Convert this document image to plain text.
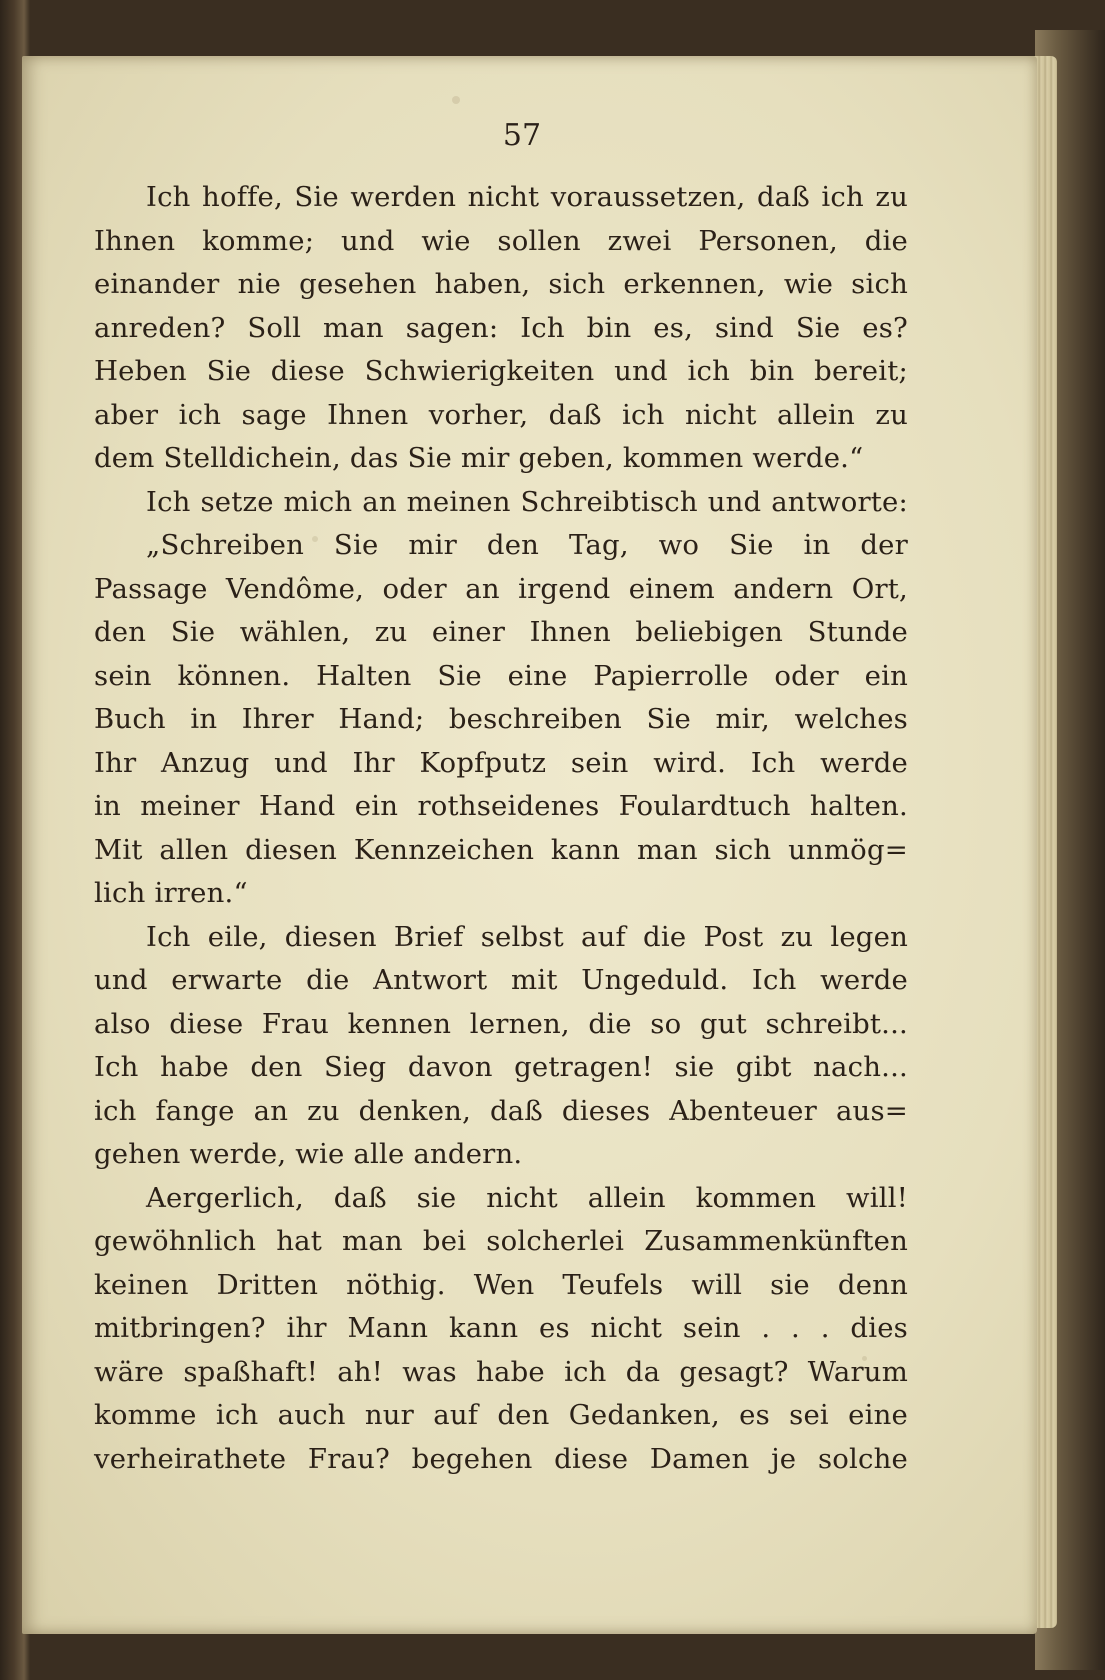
57
Ich hoffe, Sie werden nicht voraussetzen, daß ich zu
Ihnen komme; und wie sollen zwei Personen, die
einander nie gesehen haben, sich erkennen, wie sich
anreden? Soll man sagen: Ich bin es, sind Sie es?
Heben Sie diese Schwierigkeiten und ich bin bereit;
aber ich sage Ihnen vorher, daß ich nicht allein zu
dem Stelldichein, das Sie mir geben, kommen werde.“
Ich setze mich an meinen Schreibtisch und antworte:
„Schreiben Sie mir den Tag, wo Sie in der
Passage Vendôme, oder an irgend einem andern Ort,
den Sie wählen, zu einer Ihnen beliebigen Stunde
sein können. Halten Sie eine Papierrolle oder ein
Buch in Ihrer Hand; beschreiben Sie mir, welches
Ihr Anzug und Ihr Kopfputz sein wird. Ich werde
in meiner Hand ein rothseidenes Foulardtuch halten.
Mit allen diesen Kennzeichen kann man sich unmög=
lich irren.“
Ich eile, diesen Brief selbst auf die Post zu legen
und erwarte die Antwort mit Ungeduld. Ich werde
also diese Frau kennen lernen, die so gut schreibt...
Ich habe den Sieg davon getragen! sie gibt nach...
ich fange an zu denken, daß dieses Abenteuer aus=
gehen werde, wie alle andern.
Aergerlich, daß sie nicht allein kommen will!
gewöhnlich hat man bei solcherlei Zusammenkünften
keinen Dritten nöthig. Wen Teufels will sie denn
mitbringen? ihr Mann kann es nicht sein . . . dies
wäre spaßhaft! ah! was habe ich da gesagt? Warum
komme ich auch nur auf den Gedanken, es sei eine
verheirathete Frau? begehen diese Damen je solche
